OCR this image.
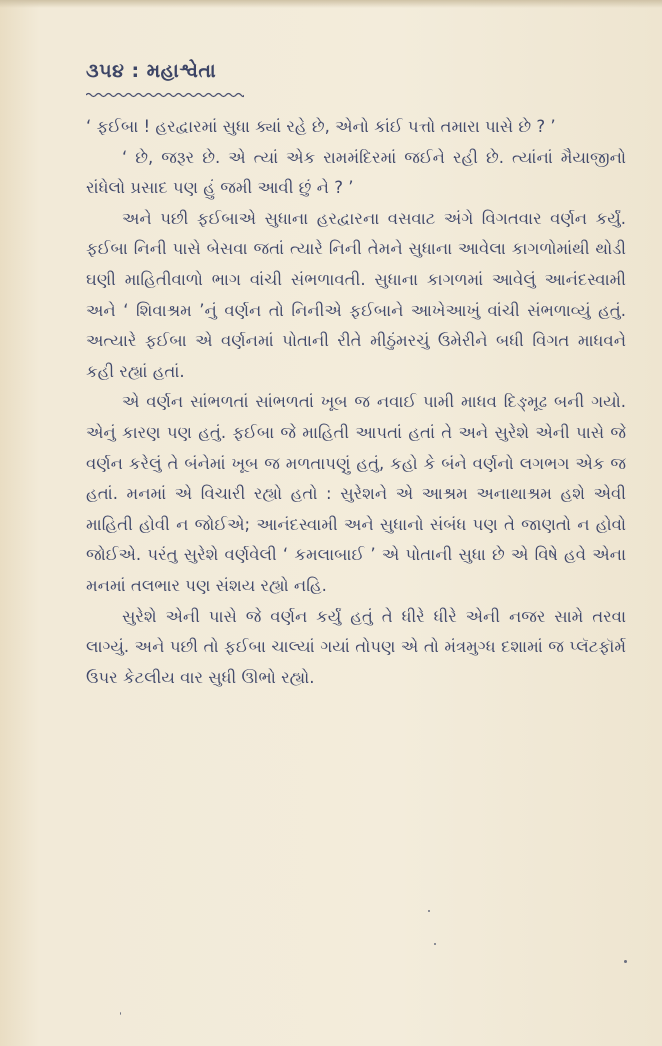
૩૫૪ : મહાશ્વેતા

‘ ફઈબા ! હરદ્વારમાં સુધા ક્યાં રહે છે, એનો કાંઈ પત્તો તમારા પાસે છે ? ’

‘ છે, જરૂર છે. એ ત્યાં એક રામમંદિરમાં જઈને રહી છે. ત્યાંનાં મૈયાજીનો રાંધેલો પ્રસાદ પણ હું જમી આવી છું ને ? ’

અને પછી ફઈબાએ સુધાના હરદ્વારના વસવાટ અંગે વિગતવાર વર્ણન કર્યું. ફઈબા નિની પાસે બેસવા જતાં ત્યારે નિની તેમને સુધાના આવેલા કાગળોમાંથી થોડી ઘણી માહિતીવાળો ભાગ વાંચી સંભળાવતી. સુધાના કાગળમાં આવેલું આનંદસ્વામી અને ‘ શિવાશ્રમ ’નું વર્ણન તો નિનીએ ફઈબાને આખેઆખું વાંચી સંભળાવ્યું હતું. અત્યારે ફઈબા એ વર્ણનમાં પોતાની રીતે મીઠુંમરચું ઉમેરીને બધી વિગત માધવને કહી રહ્યાં હતાં.

એ વર્ણન સાંભળતાં સાંભળતાં ખૂબ જ નવાઈ પામી માધવ દિઙ્મૂઢ બની ગયો. એનું કારણ પણ હતું. ફઈબા જે માહિતી આપતાં હતાં તે અને સુરેશે એની પાસે જે વર્ણન કરેલું તે બંનેમાં ખૂબ જ મળતાપણું હતું, કહો કે બંને વર્ણનો લગભગ એક જ હતાં. મનમાં એ વિચારી રહ્યો હતો : સુરેશને એ આશ્રમ અનાથાશ્રમ હશે એવી માહિતી હોવી ન જોઈએ; આનંદસ્વામી અને સુધાનો સંબંધ પણ તે જાણતો ન હોવો જોઈએ. પરંતુ સુરેશે વર્ણવેલી ‘ કમલાબાઈ ’ એ પોતાની સુધા છે એ વિષે હવે એના મનમાં તલભાર પણ સંશય રહ્યો નહિ.

સુરેશે એની પાસે જે વર્ણન કર્યું હતું તે ધીરે ધીરે એની નજર સામે તરવા લાગ્યું. અને પછી તો ફઈબા ચાલ્યાં ગયાં તોપણ એ તો મંત્રમુગ્ધ દશામાં જ પ્લૅટફૉર્મ ઉપર કેટલીય વાર સુધી ઊભો રહ્યો.
